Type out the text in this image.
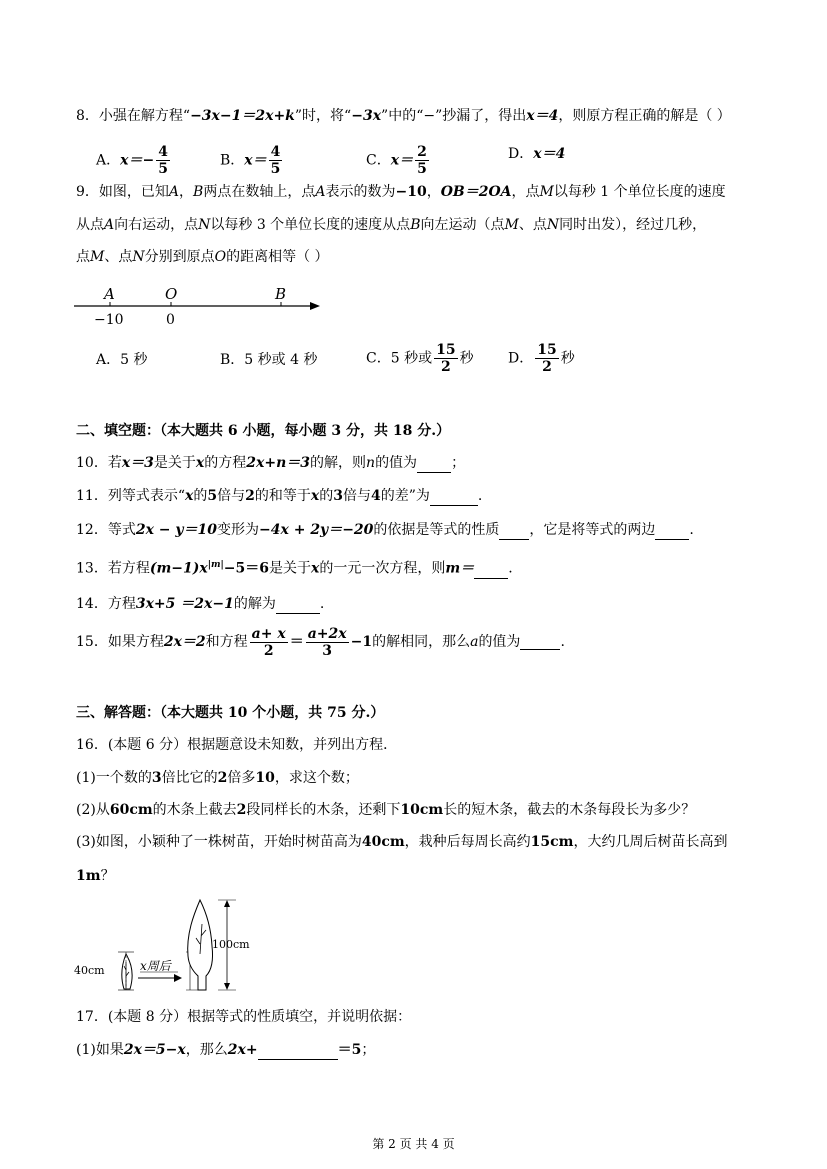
8．小强在解方程“−3x−1＝2x+k”时，将“−3x”中的“−”抄漏了，得出x＝4，则原方程正确的解是（ ）
A．$x=- \frac{4}{5}$	B．$x= \frac{4}{5}$	C．$x= \frac{2}{5}$	D．x＝4
9．如图，已知A，B两点在数轴上，点A表示的数为−10，OB＝2OA，点M以每秒 1 个单位长度的速度
从点A向右运动，点N以每秒 3 个单位长度的速度从点B向左运动（点M、点N同时出发），经过几秒，
点M、点N分别到原点O的距离相等（ ）
A	O	B
−10	0
A．5 秒	B．5 秒或 4 秒	C．5 秒或 $\frac{15}{2}$ 秒 D． $\frac{15}{2}$ 秒
二、填空题：（本大题共 6 小题，每小题 3 分，共 18 分.）
10．若x＝3是关于x的方程2x+n＝3的解，则n的值为 ；
11．列等式表示“x的5倍与2的和等于x的3倍与4的差”为	.
12．等式2x − y＝10变形为−4x + 2y＝−20的依据是等式的性质 ，它是将等式的两边 .
13．若方程$(m-1)x^{|m|}-5=6$是关于x的一元一次方程，则m＝ .
14．方程3x+5 ＝2x−1的解为	.
15．如果方程2x＝2和方程 $\frac{a+ x}{2} = \frac{a+2x}{3} -1$的解相同，那么a的值为	.
三、解答题：（本大题共 10 个小题，共 75 分.）
16．(本题 6 分）根据题意设未知数，并列出方程．
(1)一个数的3倍比它的2倍多10，求这个数；
(2)从60cm的木条上截去2段同样长的木条，还剩下10cm长的短木条，截去的木条每段长为多少？
(3)如图，小颖种了一株树苗，开始时树苗高为40cm，栽种后每周长高约15cm，大约几周后树苗长高到
1m？
40cm	x周后
100cm
17．(本题 8 分）根据等式的性质填空，并说明依据：
(1)如果2x＝5−x，那么2x+	＝5；
第 2 页 共 4 页
